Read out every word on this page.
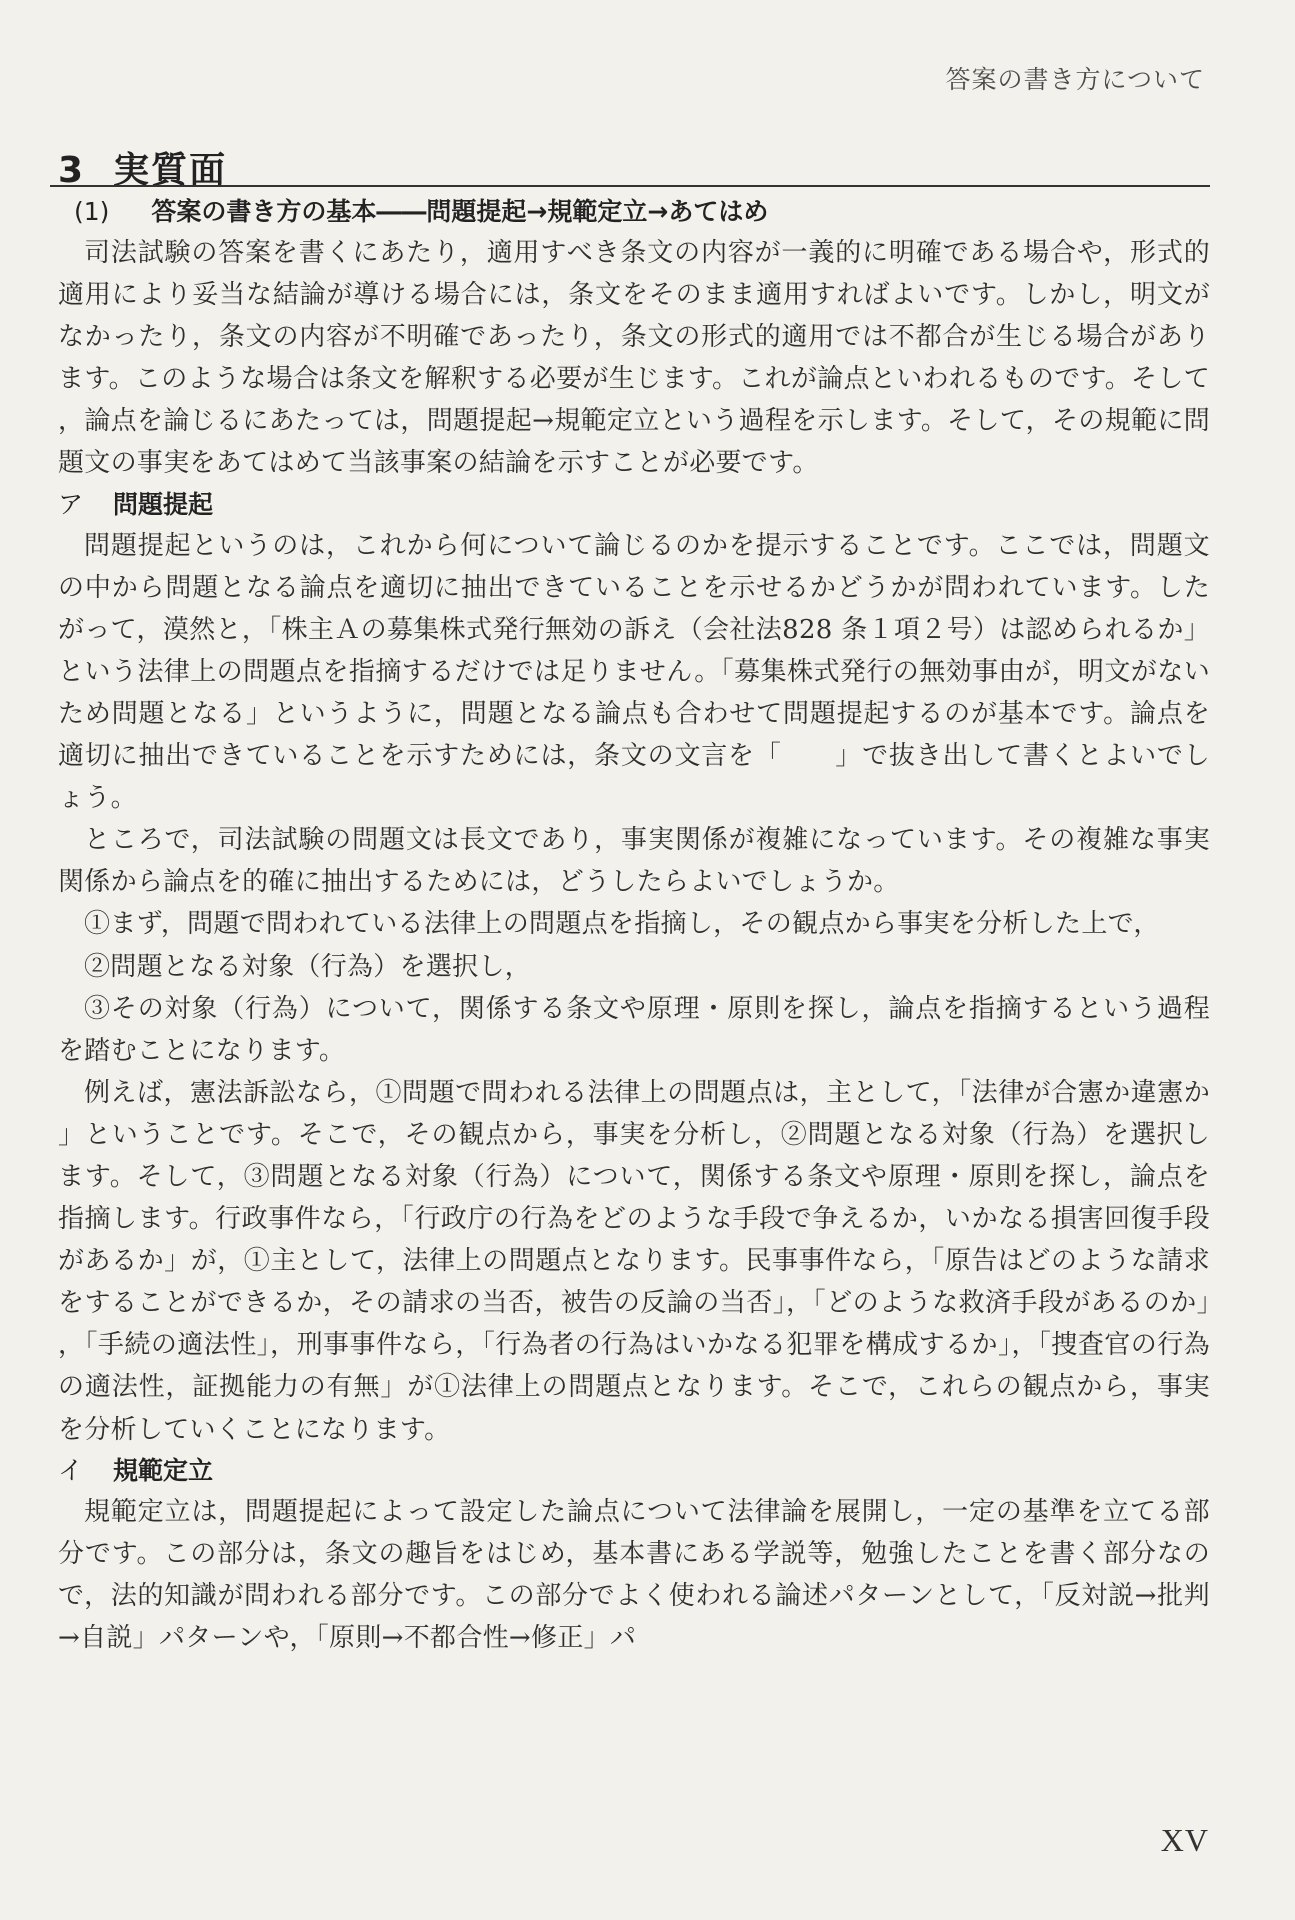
答案の書き方について
3 実質面
(1) 答案の書き方の基本――問題提起→規範定立→あてはめ

司法試験の答案を書くにあたり，適用すべき条文の内容が一義的に明確である場合や，形式的適用により妥当な結論が導ける場合には，条文をそのまま適用すればよいです。しかし，明文がなかったり，条文の内容が不明確であったり，条文の形式的適用では不都合が生じる場合があります。このような場合は条文を解釈する必要が生じます。これが論点といわれるものです。そして，論点を論じるにあたっては，問題提起→規範定立という過程を示します。そして，その規範に問題文の事実をあてはめて当該事案の結論を示すことが必要です。

ア 問題提起

問題提起というのは，これから何について論じるのかを提示することです。ここでは，問題文の中から問題となる論点を適切に抽出できていることを示せるかどうかが問われています。したがって，漠然と，「株主Ａの募集株式発行無効の訴え（会社法828 条１項２号）は認められるか」という法律上の問題点を指摘するだけでは足りません。「募集株式発行の無効事由が，明文がないため問題となる」というように，問題となる論点も合わせて問題提起するのが基本です。論点を適切に抽出できていることを示すためには，条文の文言を「　　」で抜き出して書くとよいでしょう。

ところで，司法試験の問題文は長文であり，事実関係が複雑になっています。その複雑な事実関係から論点を的確に抽出するためには，どうしたらよいでしょうか。

①まず，問題で問われている法律上の問題点を指摘し，その観点から事実を分析した上で，

②問題となる対象（行為）を選択し，

③その対象（行為）について，関係する条文や原理・原則を探し，論点を指摘するという過程を踏むことになります。

例えば，憲法訴訟なら，①問題で問われる法律上の問題点は，主として，「法律が合憲か違憲か」ということです。そこで，その観点から，事実を分析し，②問題となる対象（行為）を選択します。そして，③問題となる対象（行為）について，関係する条文や原理・原則を探し，論点を指摘します。行政事件なら，「行政庁の行為をどのような手段で争えるか，いかなる損害回復手段があるか」が，①主として，法律上の問題点となります。民事事件なら，「原告はどのような請求をすることができるか，その請求の当否，被告の反論の当否」，「どのような救済手段があるのか」，「手続の適法性」，刑事事件なら，「行為者の行為はいかなる犯罪を構成するか」，「捜査官の行為の適法性，証拠能力の有無」が①法律上の問題点となります。そこで，これらの観点から，事実を分析していくことになります。

イ 規範定立

規範定立は，問題提起によって設定した論点について法律論を展開し，一定の基準を立てる部分です。この部分は，条文の趣旨をはじめ，基本書にある学説等，勉強したことを書く部分なので，法的知識が問われる部分です。この部分でよく使われる論述パターンとして，「反対説→批判→自説」パターンや，「原則→不都合性→修正」パ

XV
